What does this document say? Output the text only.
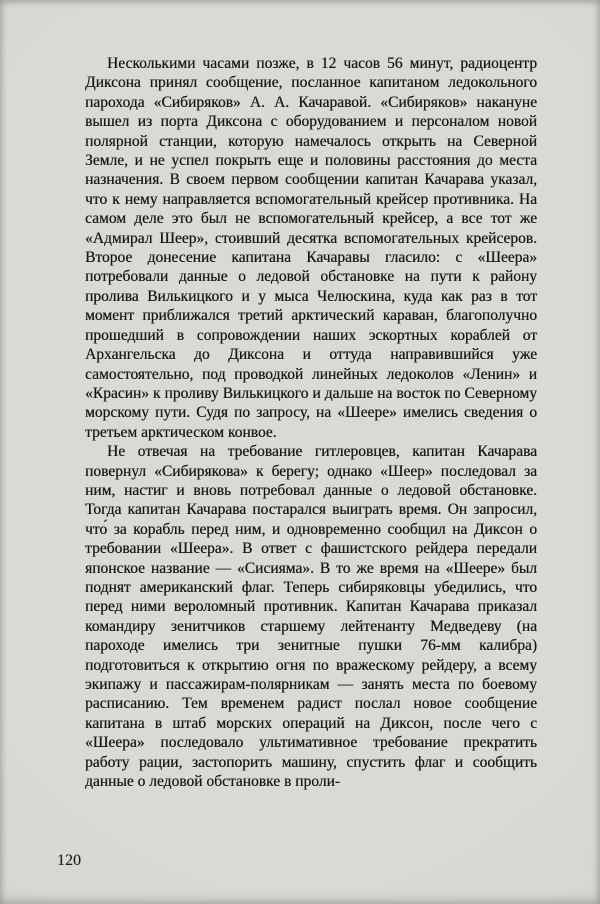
Несколькими часами позже, в 12 часов 56 минут, радиоцентр Диксона принял сообщение, посланное капитаном ледокольного парохода «Сибиряков» А. А. Качаравой. «Сибиряков» накануне вышел из порта Диксона с оборудованием и персоналом новой полярной станции, которую намечалось открыть на Северной Земле, и не успел покрыть еще и половины расстояния до места назначения. В своем первом сообщении капитан Качарава указал, что к нему направляется вспомогательный крейсер противника. На самом деле это был не вспомогательный крейсер, а все тот же «Адмирал Шеер», стоивший десятка вспомогательных крейсеров. Второе донесение капитана Качаравы гласило: с «Шеера» потребовали данные о ледовой обстановке на пути к району пролива Вилькицкого и у мыса Челюскина, куда как раз в тот момент приближался третий арктический караван, благополучно прошедший в сопровождении наших эскортных кораблей от Архангельска до Диксона и оттуда направившийся уже самостоятельно, под проводкой линейных ледоколов «Ленин» и «Красин» к проливу Вилькицкого и дальше на восток по Северному морскому пути. Судя по запросу, на «Шеере» имелись сведения о третьем арктическом конвое.

Не отвечая на требование гитлеровцев, капитан Качарава повернул «Сибирякова» к берегу; однако «Шеер» последовал за ним, настиг и вновь потребовал данные о ледовой обстановке. Тогда капитан Качарава постарался выиграть время. Он запросил, что́ за корабль перед ним, и одновременно сообщил на Диксон о требовании «Шеера». В ответ с фашистского рейдера передали японское название — «Сисияма». В то же время на «Шеере» был поднят американский флаг. Теперь сибиряковцы убедились, что перед ними вероломный противник. Капитан Качарава приказал командиру зенитчиков старшему лейтенанту Медведеву (на пароходе имелись три зенитные пушки 76-мм калибра) подготовиться к открытию огня по вражескому рейдеру, а всему экипажу и пассажирам-полярникам — занять места по боевому расписанию. Тем временем радист послал новое сообщение капитана в штаб морских операций на Диксон, после чего с «Шеера» последовало ультимативное требование прекратить работу рации, застопорить машину, спустить флаг и сообщить данные о ледовой обстановке в проли-

120
